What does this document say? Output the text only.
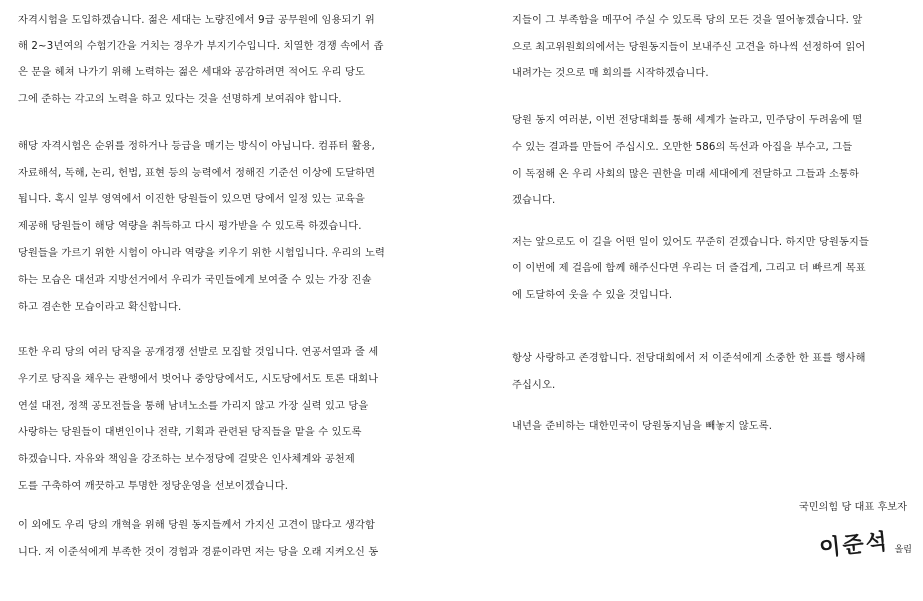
자격시험을 도입하겠습니다. 젊은 세대는 노량진에서 9급 공무원에 임용되기 위
해 2~3년여의 수험기간을 거치는 경우가 부지기수입니다. 치열한 경쟁 속에서 좁
은 문을 헤쳐 나가기 위해 노력하는 젊은 세대와 공감하려면 적어도 우리 당도
그에 준하는 각고의 노력을 하고 있다는 것을 선명하게 보여줘야 합니다.
해당 자격시험은 순위를 정하거나 등급을 매기는 방식이 아닙니다. 컴퓨터 활용,
자료해석, 독해, 논리, 헌법, 표현 등의 능력에서 정해진 기준선 이상에 도달하면
됩니다. 혹시 일부 영역에서 이진한 당원들이 있으면 당에서 일정 있는 교육을
제공해 당원들이 해당 역량을 취득하고 다시 평가받을 수 있도록 하겠습니다.
당원들을 가르기 위한 시험이 아니라 역량을 키우기 위한 시험입니다. 우리의 노력
하는 모습은 대선과 지방선거에서 우리가 국민들에게 보여줄 수 있는 가장 진솔
하고 겸손한 모습이라고 확신합니다.
또한 우리 당의 여러 당직을 공개경쟁 선발로 모집할 것입니다. 연공서열과 줄 세
우기로 당직을 채우는 관행에서 벗어나 중앙당에서도, 시도당에서도 토론 대회나
연설 대전, 정책 공모전들을 통해 남녀노소를 가리지 않고 가장 실력 있고 당을
사랑하는 당원들이 대변인이나 전략, 기획과 관련된 당직들을 맡을 수 있도록
하겠습니다. 자유와 책임을 강조하는 보수정당에 걸맞은 인사체계와 공천제
도를 구축하여 깨끗하고 투명한 정당운영을 선보이겠습니다.
이 외에도 우리 당의 개혁을 위해 당원 동지들께서 가지신 고견이 많다고 생각합
니다. 저 이준석에게 부족한 것이 경험과 경륜이라면 저는 당을 오래 지켜오신 동
지들이 그 부족함을 메꾸어 주실 수 있도록 당의 모든 것을 열어놓겠습니다. 앞
으로 최고위원회의에서는 당원동지들이 보내주신 고견을 하나씩 선정하여 읽어
내려가는 것으로 매 회의를 시작하겠습니다.
당원 동지 여러분, 이번 전당대회를 통해 세계가 놀라고, 민주당이 두려움에 떨
수 있는 결과를 만들어 주십시오. 오만한 586의 독선과 아집을 부수고, 그들
이 독점해 온 우리 사회의 많은 권한을 미래 세대에게 전달하고 그들과 소통하
겠습니다.
저는 앞으로도 이 길을 어떤 일이 있어도 꾸준히 걷겠습니다. 하지만 당원동지들
이 이번에 제 걸음에 함께 해주신다면 우리는 더 즐겁게, 그리고 더 빠르게 목표
에 도달하여 웃을 수 있을 것입니다.
항상 사랑하고 존경합니다. 전당대회에서 저 이준석에게 소중한 한 표를 행사해
주십시오.
내년을 준비하는 대한민국이 당원동지님을 빼놓지 않도록.
국민의힘 당 대표 후보자
이준석 올림
